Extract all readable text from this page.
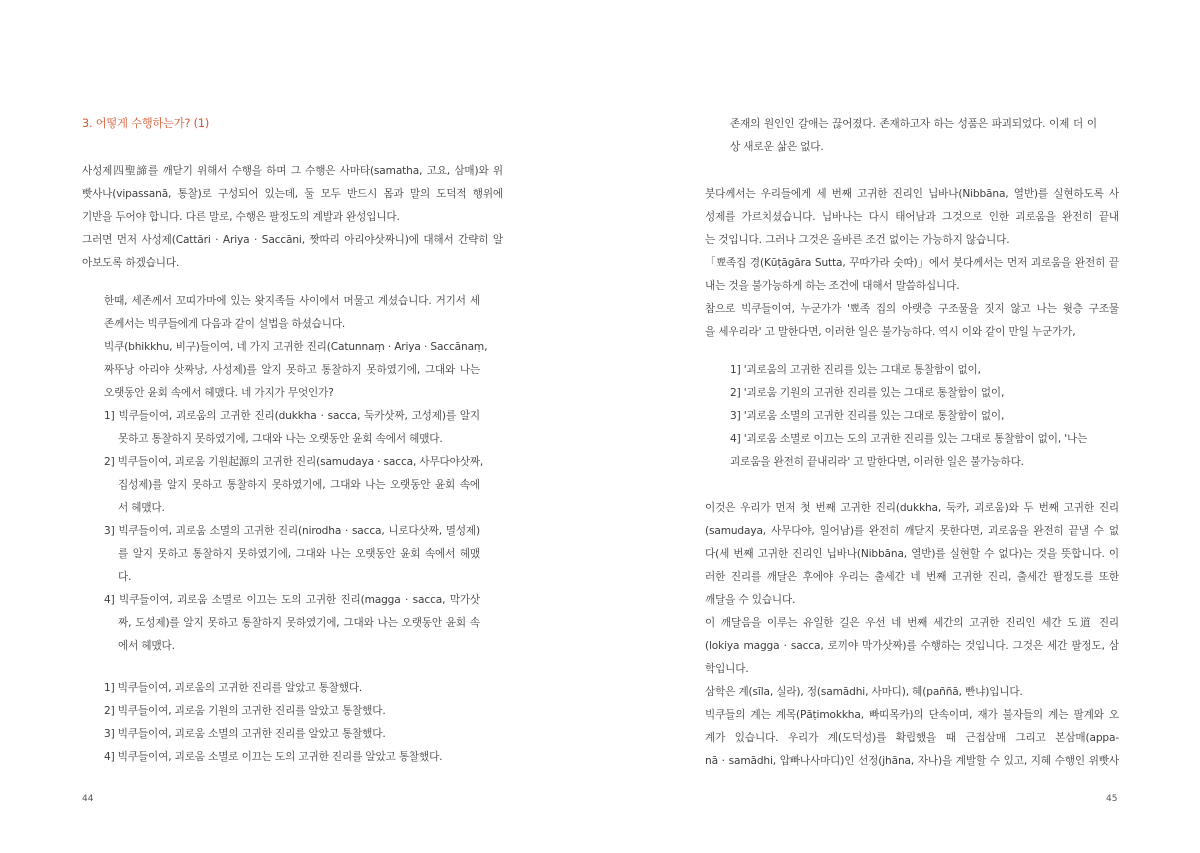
3. 어떻게 수행하는가? (1)
사성제四聖諦를 깨닫기 위해서 수행을 하며 그 수행은 사마타(samatha, 고요, 삼매)와 위
빳사나(vipassanā, 통찰)로 구성되어 있는데, 둘 모두 반드시 몸과 말의 도덕적 행위에
기반을 두어야 합니다. 다른 말로, 수행은 팔정도의 계발과 완성입니다.
그러면 먼저 사성제(Cattāri · Ariya · Saccāni, 짯따리 아리야삿짜니)에 대해서 간략히 알
아보도록 하겠습니다.
한때, 세존께서 꼬띠가마에 있는 왓지족들 사이에서 머물고 계셨습니다. 거기서 세
존께서는 빅쿠들에게 다음과 같이 설법을 하셨습니다.
빅쿠(bhikkhu, 비구)들이여, 네 가지 고귀한 진리(Catunnaṃ · Ariya · Saccānaṃ,
짜뚜낭 아리야 삿짜낭, 사성제)를 알지 못하고 통찰하지 못하였기에, 그대와 나는
오랫동안 윤회 속에서 헤맸다. 네 가지가 무엇인가?
1] 빅쿠들이여, 괴로움의 고귀한 진리(dukkha · sacca, 둑카삿짜, 고성제)를 알지
못하고 통찰하지 못하였기에, 그대와 나는 오랫동안 윤회 속에서 헤맸다.
2] 빅쿠들이여, 괴로움 기원起源의 고귀한 진리(samudaya · sacca, 사무다야삿짜,
집성제)를 알지 못하고 통찰하지 못하였기에, 그대와 나는 오랫동안 윤회 속에
서 헤맸다.
3] 빅쿠들이여, 괴로움 소멸의 고귀한 진리(nirodha · sacca, 니로다삿짜, 멸성제)
를 알지 못하고 통찰하지 못하였기에, 그대와 나는 오랫동안 윤회 속에서 헤맸
다.
4] 빅쿠들이여, 괴로움 소멸로 이끄는 도의 고귀한 진리(magga · sacca, 막가삿
짜, 도성제)를 알지 못하고 통찰하지 못하였기에, 그대와 나는 오랫동안 윤회 속
에서 헤맸다.
1] 빅쿠들이여, 괴로움의 고귀한 진리를 알았고 통찰했다.
2] 빅쿠들이여, 괴로움 기원의 고귀한 진리를 알았고 통찰했다.
3] 빅쿠들이여, 괴로움 소멸의 고귀한 진리를 알았고 통찰했다.
4] 빅쿠들이여, 괴로움 소멸로 이끄는 도의 고귀한 진리를 알았고 통찰했다.
44
존재의 원인인 갈애는 끊어졌다. 존재하고자 하는 성품은 파괴되었다. 이제 더 이
상 새로운 삶은 없다.
붓다께서는 우리들에게 세 번째 고귀한 진리인 닙바나(Nibbāna, 열반)를 실현하도록 사
성제를 가르치셨습니다. 닙바나는 다시 태어남과 그것으로 인한 괴로움을 완전히 끝내
는 것입니다. 그러나 그것은 올바른 조건 없이는 가능하지 않습니다.
「뾰족집 경(Kūṭāgāra Sutta, 꾸따가라 숫따)」에서 붓다께서는 먼저 괴로움을 완전히 끝
내는 것을 불가능하게 하는 조건에 대해서 말씀하십니다.
참으로 빅쿠들이여, 누군가가 '뾰족 집의 아랫층 구조물을 짓지 않고 나는 윗층 구조물
을 세우리라' 고 말한다면, 이러한 일은 불가능하다. 역시 이와 같이 만일 누군가가,
1] '괴로움의 고귀한 진리를 있는 그대로 통찰함이 없이,
2] '괴로움 기원의 고귀한 진리를 있는 그대로 통찰함이 없이,
3] '괴로움 소멸의 고귀한 진리를 있는 그대로 통찰함이 없이,
4] '괴로움 소멸로 이끄는 도의 고귀한 진리를 있는 그대로 통찰함이 없이, '나는
괴로움을 완전히 끝내리라' 고 말한다면, 이러한 일은 불가능하다.
이것은 우리가 먼저 첫 번째 고귀한 진리(dukkha, 둑카, 괴로움)와 두 번째 고귀한 진리
(samudaya, 사무다야, 일어남)를 완전히 깨닫지 못한다면, 괴로움을 완전히 끝낼 수 없
다(세 번째 고귀한 진리인 닙바나(Nibbāna, 열반)를 실현할 수 없다)는 것을 뜻합니다. 이
러한 진리를 깨달은 후에야 우리는 출세간 네 번째 고귀한 진리, 출세간 팔정도를 또한
깨달을 수 있습니다.
이 깨달음을 이루는 유일한 길은 우선 네 번째 세간의 고귀한 진리인 세간 도道 진리
(lokiya magga · sacca, 로끼야 막가삿짜)를 수행하는 것입니다. 그것은 세간 팔정도, 삼
학입니다.
삼학은 계(sīla, 실라), 정(samādhi, 사마디), 혜(paññā, 빤냐)입니다.
빅쿠들의 계는 계목(Pāṭimokkha, 빠띠목카)의 단속이며, 재가 불자들의 계는 팔계와 오
계가 있습니다. 우리가 계(도덕성)를 확립했을 때 근접삼매 그리고 본삼매(appa-
nā · samādhi, 압빠나사마디)인 선정(jhāna, 자나)을 계발할 수 있고, 지혜 수행인 위빳사
45
